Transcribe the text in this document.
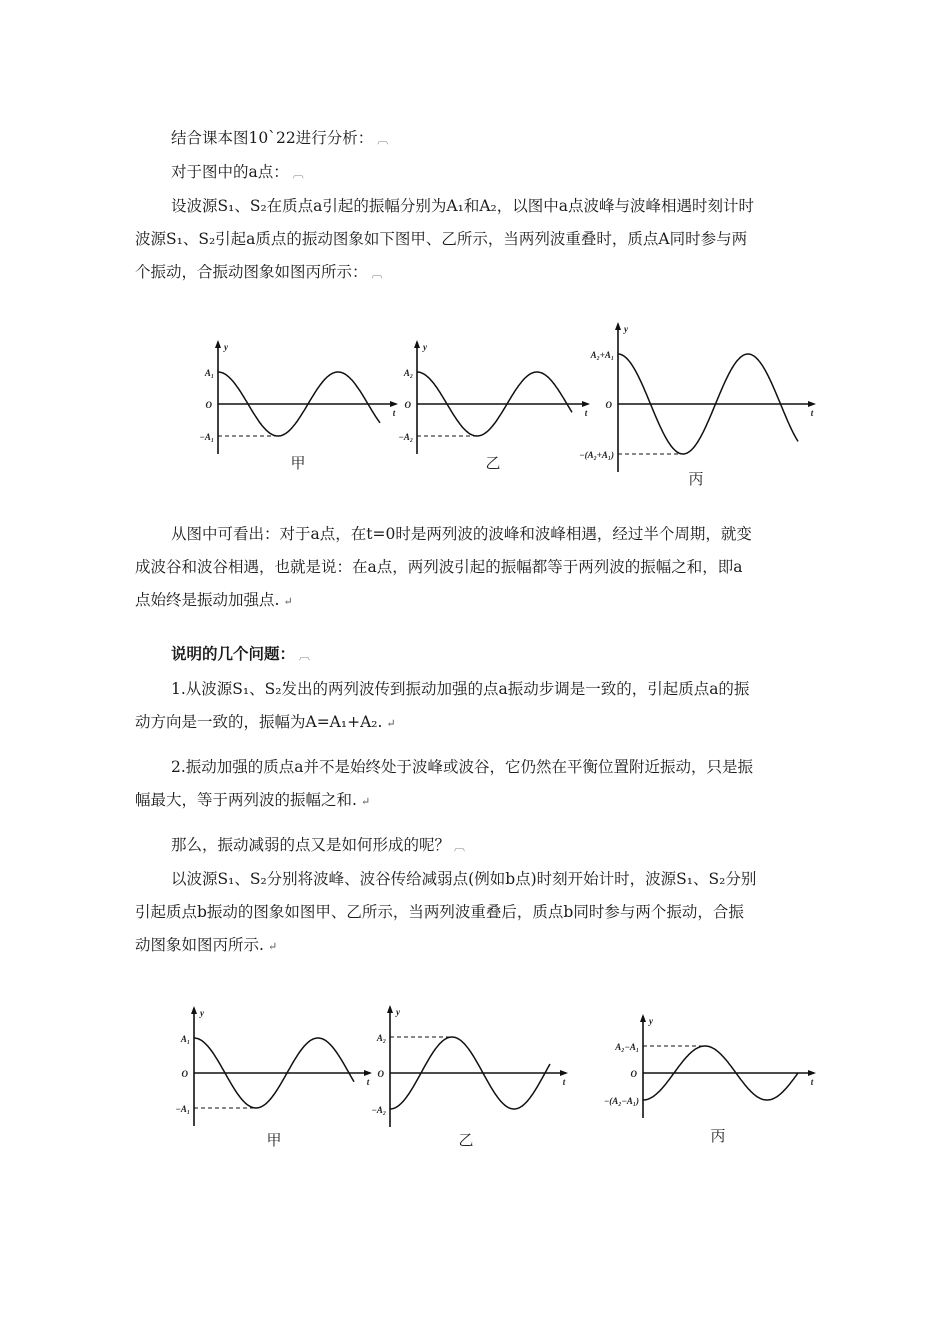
结合课本图10`22进行分析： ︹

对于图中的a点： ︹

设波源S₁、S₂在质点a引起的振幅分别为A₁和A₂，以图中a点波峰与波峰相遇时刻计时
波源S₁、S₂引起a质点的振动图象如下图甲、乙所示，当两列波重叠时，质点A同时参与两
个振动，合振动图象如图丙所示： ︹

y
t
O
A₁
−A₁
甲
y
t
O
A₂
−A₂
乙
y
t
O
A₂+A₁
−(A₂+A₁)
丙

从图中可看出：对于a点，在t=0时是两列波的波峰和波峰相遇，经过半个周期，就变
成波谷和波谷相遇，也就是说：在a点，两列波引起的振幅都等于两列波的振幅之和，即a
点始终是振动加强点. ↵

说明的几个问题： ︹

1.从波源S₁、S₂发出的两列波传到振动加强的点a振动步调是一致的，引起质点a的振
动方向是一致的，振幅为A=A₁+A₂. ↵

2.振动加强的质点a并不是始终处于波峰或波谷，它仍然在平衡位置附近振动，只是振
幅最大，等于两列波的振幅之和. ↵

那么，振动减弱的点又是如何形成的呢？ ︹

以波源S₁、S₂分别将波峰、波谷传给减弱点(例如b点)时刻开始计时，波源S₁、S₂分别
引起质点b振动的图象如图甲、乙所示，当两列波重叠后，质点b同时参与两个振动，合振
动图象如图丙所示. ↵

y
t
O
A₁
−A₁
甲
y
t
O
A₂
−A₂
乙
y
t
O
A₂−A₁
−(A₂−A₁)
丙
